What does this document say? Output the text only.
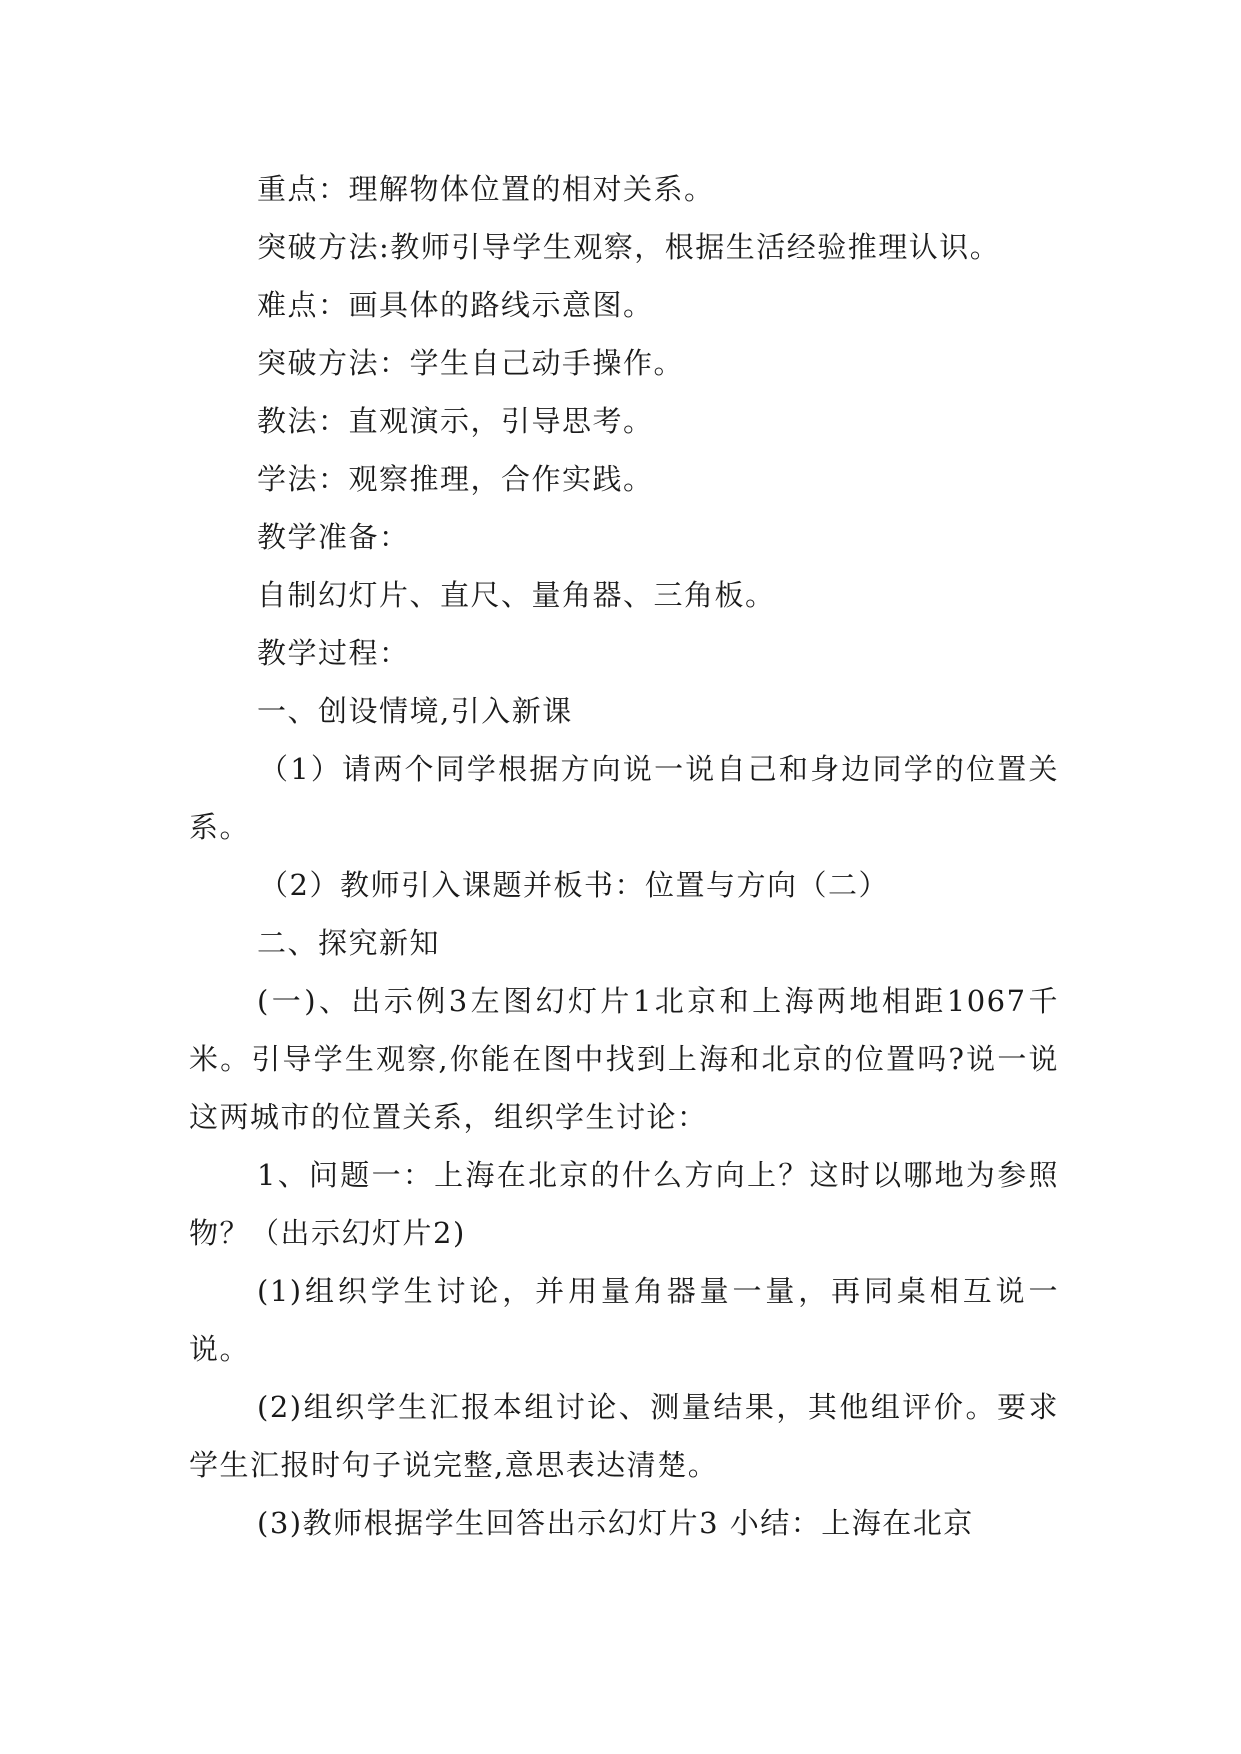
重点：理解物体位置的相对关系。

突破方法:教师引导学生观察，根据生活经验推理认识。

难点：画具体的路线示意图。

突破方法：学生自己动手操作。

教法：直观演示，引导思考。

学法：观察推理，合作实践。

教学准备：

自制幻灯片、直尺、量角器、三角板。

教学过程：

一、创设情境,引入新课

（1）请两个同学根据方向说一说自己和身边同学的位置关系。

（2）教师引入课题并板书：位置与方向（二）

二、探究新知

(一)、出示例3左图幻灯片1北京和上海两地相距1067千米。引导学生观察,你能在图中找到上海和北京的位置吗?说一说这两城市的位置关系，组织学生讨论：

1、问题一：上海在北京的什么方向上？这时以哪地为参照物？（出示幻灯片2)

(1)组织学生讨论，并用量角器量一量，再同桌相互说一说。

(2)组织学生汇报本组讨论、测量结果，其他组评价。要求学生汇报时句子说完整,意思表达清楚。

(3)教师根据学生回答出示幻灯片3 小结：上海在北京
